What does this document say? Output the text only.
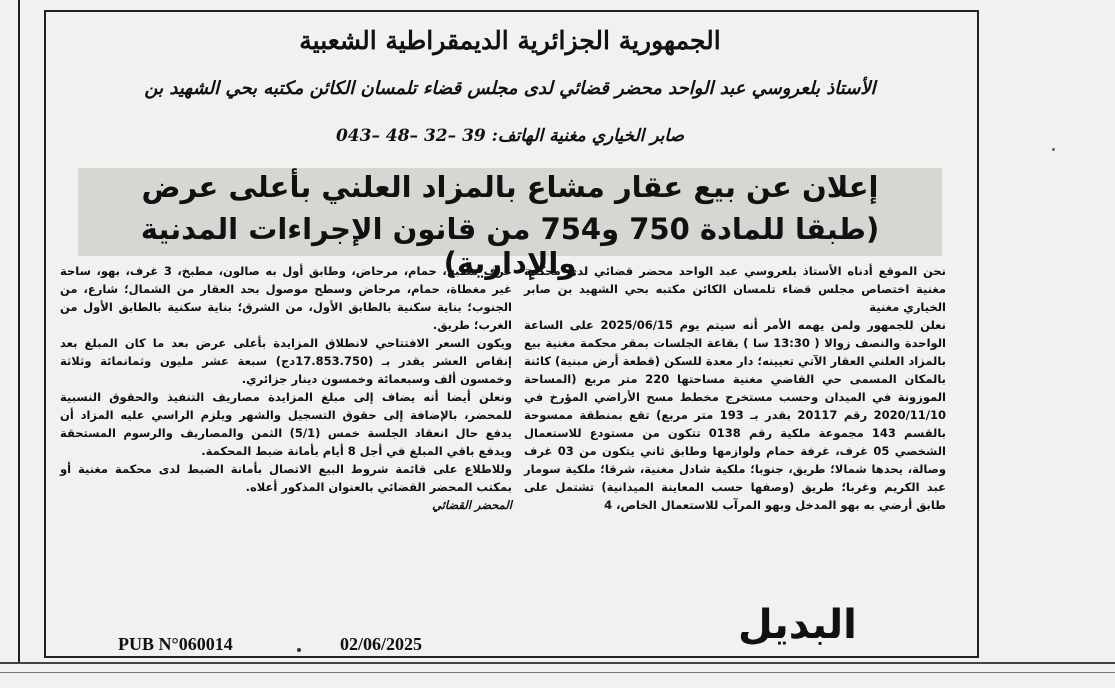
الجمهورية الجزائرية الديمقراطية الشعبية
الأستاذ بلعروسي عبد الواحد محضر قضائي لدى مجلس قضاء تلمسان الكائن مكتبه بحي الشهيد بن
صابر الخياري مغنية الهاتف: 39 –32 –48 –043
إعلان عن بيع عقار مشاع بالمزاد العلني بأعلى عرض
(طبقا للمادة 750 و754 من قانون الإجراءات المدنية والإدارية)

نحن الموقع أدناه الأستاذ بلعروسي عبد الواحد محضر قضائي لدى محكمة مغنية اختصاص مجلس قضاء تلمسان الكائن مكتبه بحي الشهيد بن صابر الخياري مغنية

نعلن للجمهور ولمن يهمه الأمر أنه سيتم يوم 2025/06/15 على الساعة الواحدة والنصف زوالا ( 13:30 سا ) بقاعة الجلسات بمقر محكمة مغنية بيع بالمزاد العلني العقار الآتي تعيينه؛ دار معدة للسكن (قطعة أرض مبنية) كائنة بالمكان المسمى حي القاضي مغنية مساحتها 220 متر مربع (المساحة الموزونة في الميدان وحسب مستخرج مخطط مسح الأراضي المؤرخ في 2020/11/10 رقم 20117 بقدر بـ 193 متر مربع) تقع بمنطقة ممسوحة بالقسم 143 مجموعة ملكية رقم 0138 تتكون من مستودع للاستعمال الشخصي 05 غرف، غرفة حمام ولوازمها وطابق ثاني يتكون من 03 غرف وصالة، يحدها شمالا؛ طريق، جنوبا؛ ملكية شادل مغنية، شرقا؛ ملكية سومار عبد الكريم وغربا؛ طريق (وصفها حسب المعاينة الميدانية) تشتمل على طابق أرضي به بهو المدخل وبهو المرآب للاستعمال الخاص، 4

غرف مطبخ، حمام، مرحاض، وطابق أول به صالون، مطبخ، 3 غرف، بهو، ساحة غير مغطاة، حمام، مرحاض وسطح موصول بحد العقار من الشمال؛ شارع، من الجنوب؛ بناية سكنية بالطابق الأول، من الشرق؛ بناية سكنية بالطابق الأول من الغرب؛ طريق.

ويكون السعر الافتتاحي لانطلاق المزايدة بأعلى عرض بعد ما كان المبلغ بعد إنقاص العشر يقدر بـ (17.853.750دج) سبعة عشر مليون وثمانمائة وثلاثة وخمسون ألف وسبعمائة وخمسون دينار جزائري.

ونعلن أيضا أنه يضاف إلى مبلغ المزايدة مصاريف التنفيذ والحقوق النسبية للمحضر، بالإضافة إلى حقوق التسجيل والشهر ويلزم الراسي عليه المزاد أن يدفع حال انعقاد الجلسة خمس (5/1) الثمن والمصاريف والرسوم المستحقة ويدفع باقي المبلغ في أجل 8 أيام بأمانة ضبط المحكمة.

وللاطلاع على قائمة شروط البيع الاتصال بأمانة الضبط لدى محكمة مغنية أو بمكتب المحضر القضائي بالعنوان المذكور أعلاه.

المحضر القضائي

البديل
PUB N°060014	02/06/2025
